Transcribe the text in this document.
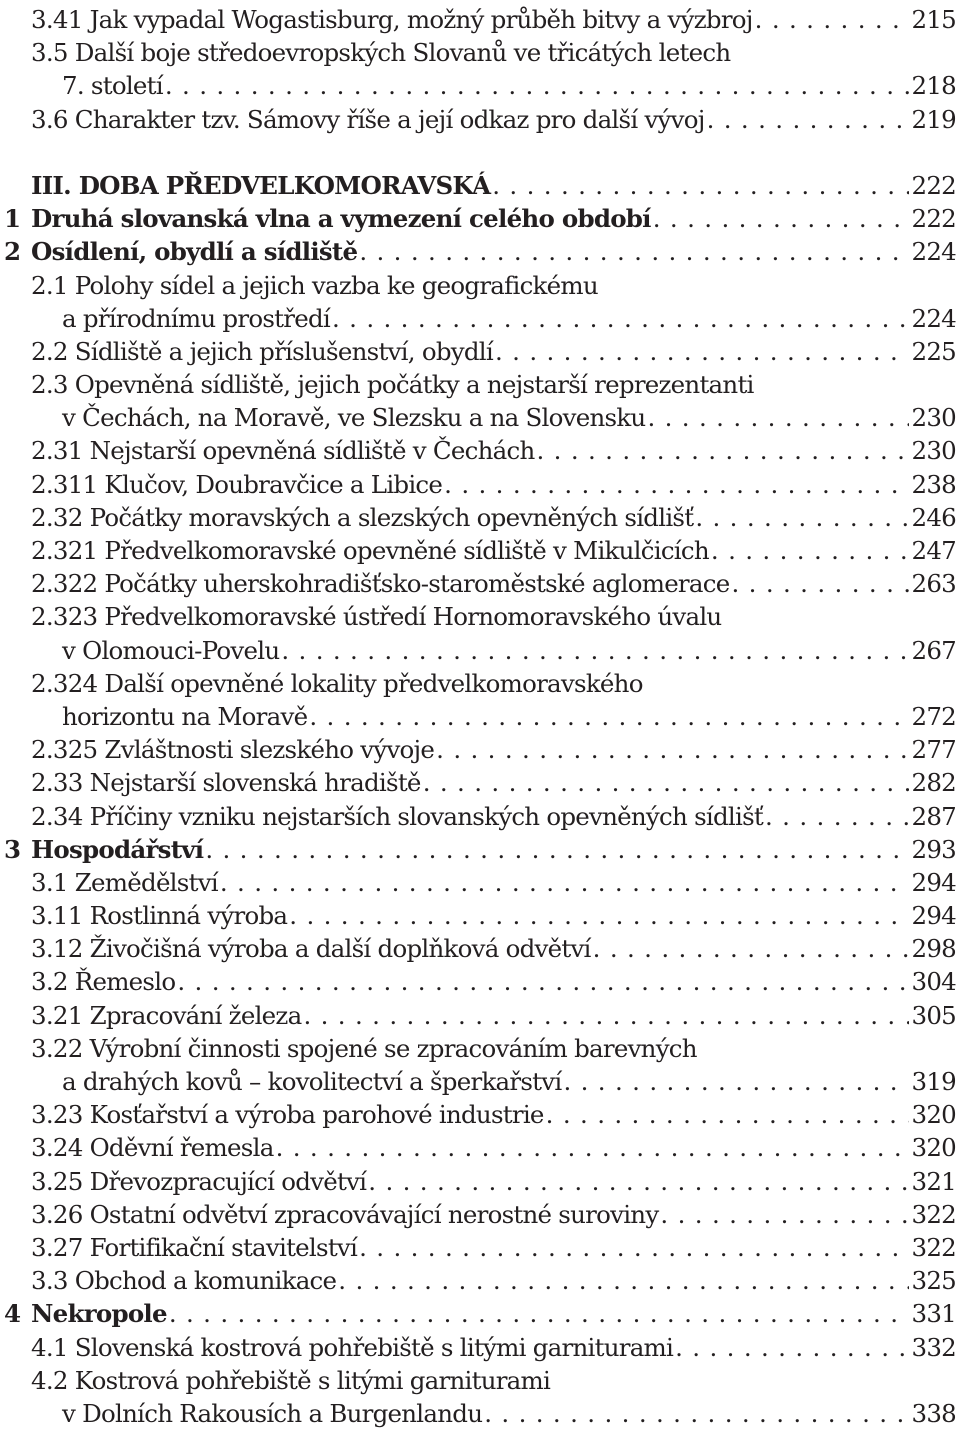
3.41 Jak vypadal Wogastisburg, možný průběh bitvy a výzbroj . . .	215
3.5 Další boje středoevropských Slovanů ve třicátých letech
7. století . . .	218
3.6 Charakter tzv. Sámovy říše a její odkaz pro další vývoj . . .	219
III. DOBA PŘEDVELKOMORAVSKÁ . . .	222
1 Druhá slovanská vlna a vymezení celého období . . .	222
2 Osídlení, obydlí a sídliště . . .	224
2.1 Polohy sídel a jejich vazba ke geografickému
a přírodnímu prostředí . . .	224
2.2 Sídliště a jejich příslušenství, obydlí . . .	225
2.3 Opevněná sídliště, jejich počátky a nejstarší reprezentanti
v Čechách, na Moravě, ve Slezsku a na Slovensku . . .	230
2.31 Nejstarší opevněná sídliště v Čechách . . .	230
2.311 Klučov, Doubravčice a Libice . . .	238
2.32 Počátky moravských a slezských opevněných sídlišť . . .	246
2.321 Předvelkomoravské opevněné sídliště v Mikulčicích . . .	247
2.322 Počátky uherskohradišťsko-staroměstské aglomerace . . .	263
2.323 Předvelkomoravské ústředí Hornomoravského úvalu
v Olomouci-Povelu . . .	267
2.324 Další opevněné lokality předvelkomoravského
horizontu na Moravě . . .	272
2.325 Zvláštnosti slezského vývoje . . .	277
2.33 Nejstarší slovenská hradiště . . .	282
2.34 Příčiny vzniku nejstarších slovanských opevněných sídlišť . . .	287
3 Hospodářství . . .	293
3.1 Zemědělství . . .	294
3.11 Rostlinná výroba . . .	294
3.12 Živočišná výroba a další doplňková odvětví . . .	298
3.2 Řemeslo . . .	304
3.21 Zpracování železa . . .	305
3.22 Výrobní činnosti spojené se zpracováním barevných
a drahých kovů – kovolitectví a šperkařství . . .	319
3.23 Kosťařství a výroba parohové industrie . . .	320
3.24 Oděvní řemesla . . .	320
3.25 Dřevozpracující odvětví . . .	321
3.26 Ostatní odvětví zpracovávající nerostné suroviny . . .	322
3.27 Fortifikační stavitelství . . .	322
3.3 Obchod a komunikace . . .	325
4 Nekropole . . .	331
4.1 Slovenská kostrová pohřebiště s litými garniturami . . .	332
4.2 Kostrová pohřebiště s litými garniturami
v Dolních Rakousích a Burgenlandu . . .	338
